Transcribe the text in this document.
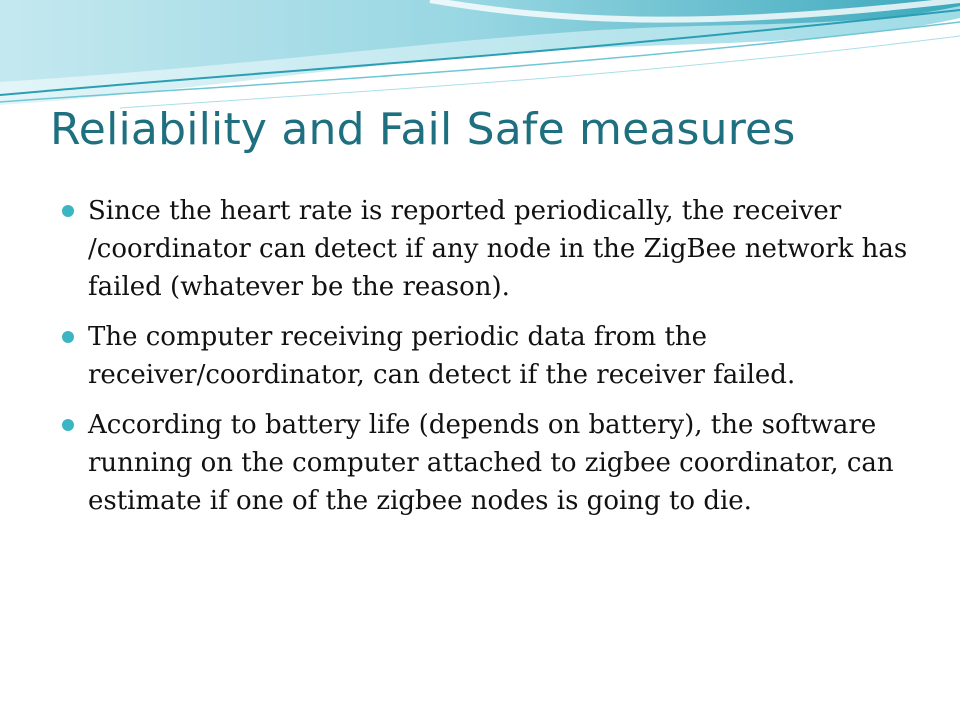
Reliability and Fail Safe measures
Since the heart rate is reported periodically, the receiver /coordinator can detect if any node in the ZigBee network has failed (whatever be the reason).
The computer receiving periodic data from the receiver/coordinator, can detect if the receiver failed.
According to battery life (depends on battery), the software running on the computer attached to zigbee coordinator, can estimate if one of the zigbee nodes is going to die.
